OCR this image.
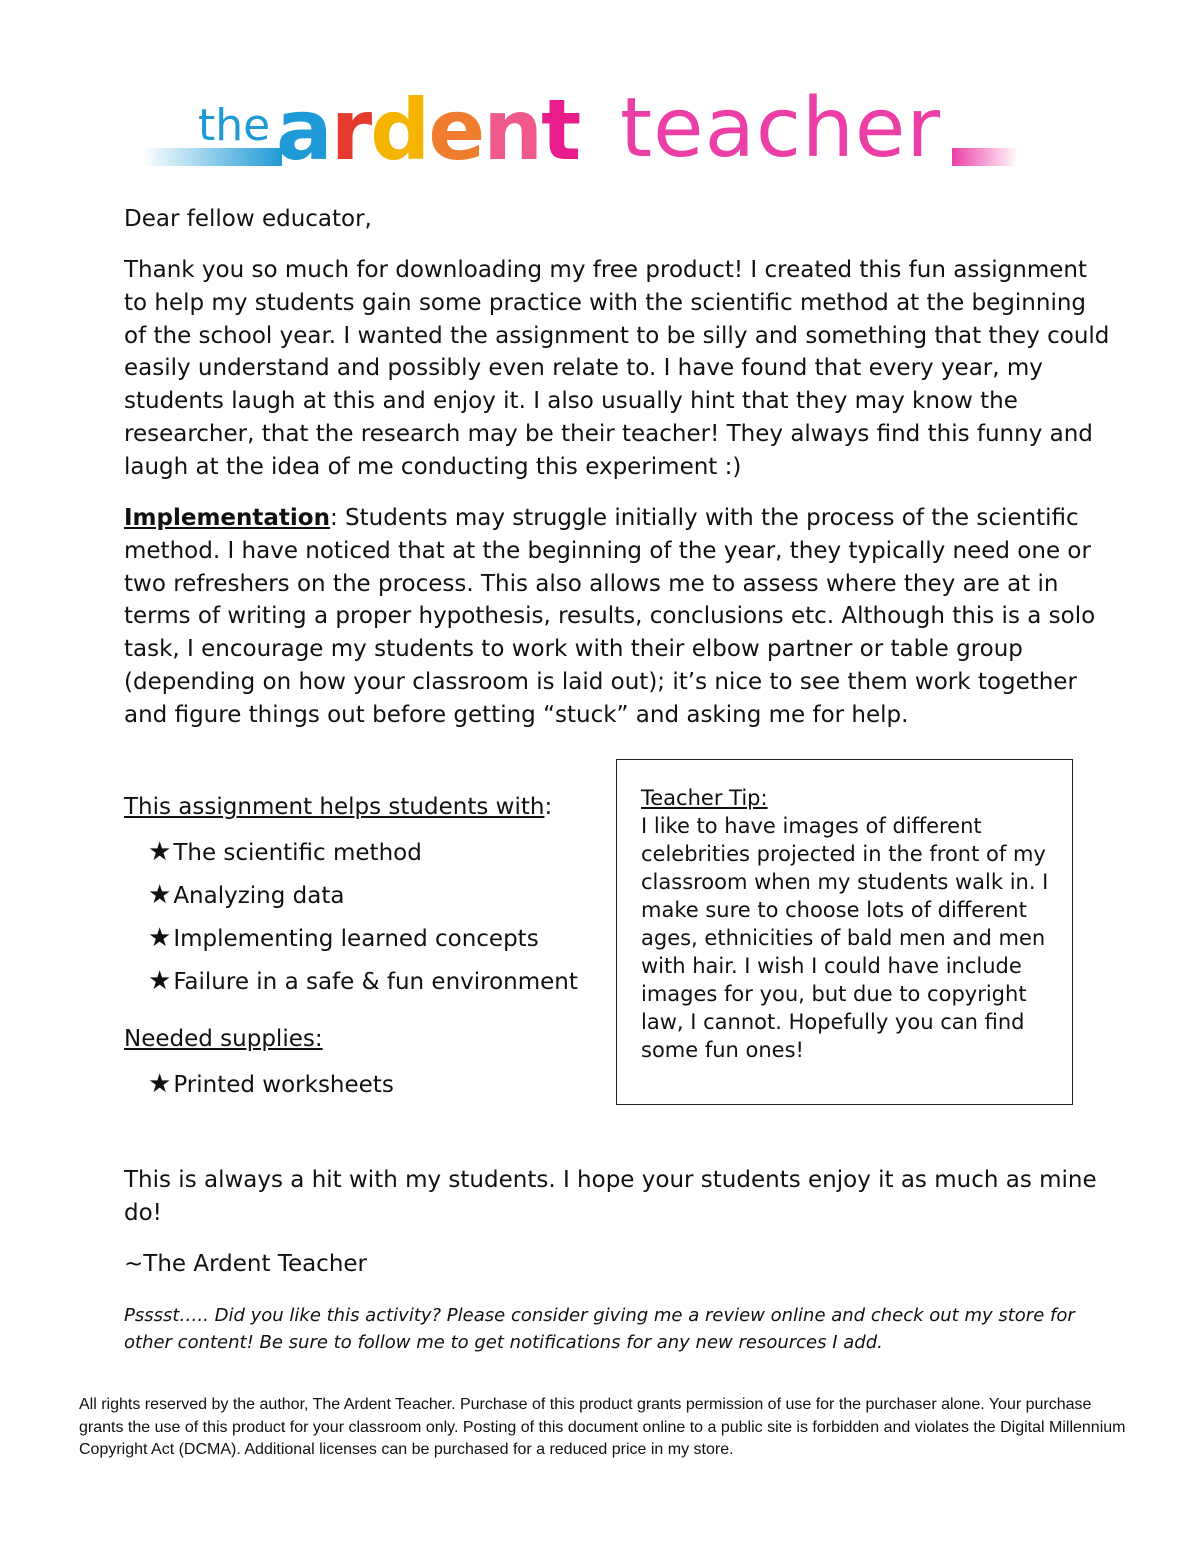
the ardent teacher

Dear fellow educator,

Thank you so much for downloading my free product! I created this fun assignment to help my students gain some practice with the scientific method at the beginning of the school year. I wanted the assignment to be silly and something that they could easily understand and possibly even relate to. I have found that every year, my students laugh at this and enjoy it. I also usually hint that they may know the researcher, that the research may be their teacher! They always find this funny and laugh at the idea of me conducting this experiment :)

Implementation: Students may struggle initially with the process of the scientific method. I have noticed that at the beginning of the year, they typically need one or two refreshers on the process. This also allows me to assess where they are at in terms of writing a proper hypothesis, results, conclusions etc. Although this is a solo task, I encourage my students to work with their elbow partner or table group (depending on how your classroom is laid out); it’s nice to see them work together and figure things out before getting “stuck” and asking me for help.

This assignment helps students with:
★The scientific method
★Analyzing data
★Implementing learned concepts
★Failure in a safe & fun environment
Needed supplies:
★Printed worksheets

Teacher Tip:

I like to have images of different celebrities projected in the front of my classroom when my students walk in. I make sure to choose lots of different ages, ethnicities of bald men and men with hair. I wish I could have include images for you, but due to copyright law, I cannot. Hopefully you can find some fun ones!

This is always a hit with my students. I hope your students enjoy it as much as mine do!

~The Ardent Teacher

Psssst….. Did you like this activity? Please consider giving me a review online and check out my store for other content! Be sure to follow me to get notifications for any new resources I add.

All rights reserved by the author, The Ardent Teacher. Purchase of this product grants permission of use for the purchaser alone. Your purchase grants the use of this product for your classroom only. Posting of this document online to a public site is forbidden and violates the Digital Millennium Copyright Act (DCMA). Additional licenses can be purchased for a reduced price in my store.
